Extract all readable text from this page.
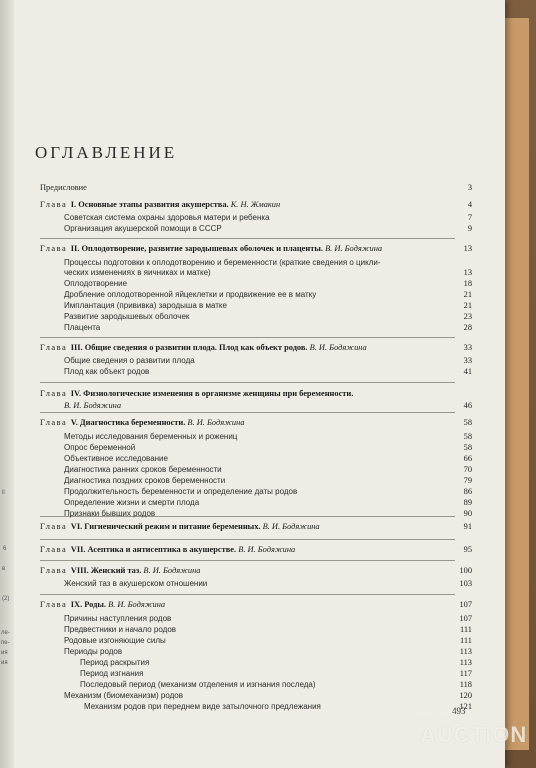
ll
6
в
(2)
ле-
пе-
ия
ия
ОГЛАВЛЕНИЕ
Предисловие	3
Глава I. Основные этапы развития акушерства. К. Н. Жмакин	4
Советская система охраны здоровья матери и ребенка	7
Организация акушерской помощи в СССР	9
Глава II. Оплодотворение, развитие зародышевых оболочек и плаценты. В. И. Бодяжина	13
Процессы подготовки к оплодотворению и беременности (краткие сведения о цикли-
ческих изменениях в яичниках и матке)	13
Оплодотворение	18
Дробление оплодотворенной яйцеклетки и продвижение ее в матку	21
Имплантация (прививка) зародыша в матке	21
Развитие зародышевых оболочек	23
Плацента	28
Глава III. Общие сведения о развитии плода. Плод как объект родов. В. И. Бодяжина	33
Общие сведения о развитии плода	33
Плод как объект родов	41
Глава IV. Физиологические изменения в организме женщины при беременности.
В. И. Бодяжина	46
Глава V. Диагностика беременности. В. И. Бодяжина	58
Методы исследования беременных и рожениц	58
Опрос беременной	58
Объективное исследование	66
Диагностика ранних сроков беременности	70
Диагностика поздних сроков беременности	79
Продолжительность беременности и определение даты родов	86
Определение жизни и смерти плода	89
Признаки бывших родов	90
Глава VI. Гигиенический режим и питание беременных. В. И. Бодяжина	91
Глава VII. Асептика и антисептика в акушерстве. В. И. Бодяжина	95
Глава VIII. Женский таз. В. И. Бодяжина	100
Женский таз в акушерском отношении	103
Глава IX. Роды. В. И. Бодяжина	107
Причины наступления родов	107
Предвестники и начало родов	111
Родовые изгоняющие силы	111
Периоды родов	113
Период раскрытия	113
Период изгнания	117
Последовый период (механизм отделения и изгнания последа)	118
Механизм (биомеханизм) родов	120
Механизм родов при переднем виде затылочного предлежания	121
493
Seller: zhed
AUCTION
